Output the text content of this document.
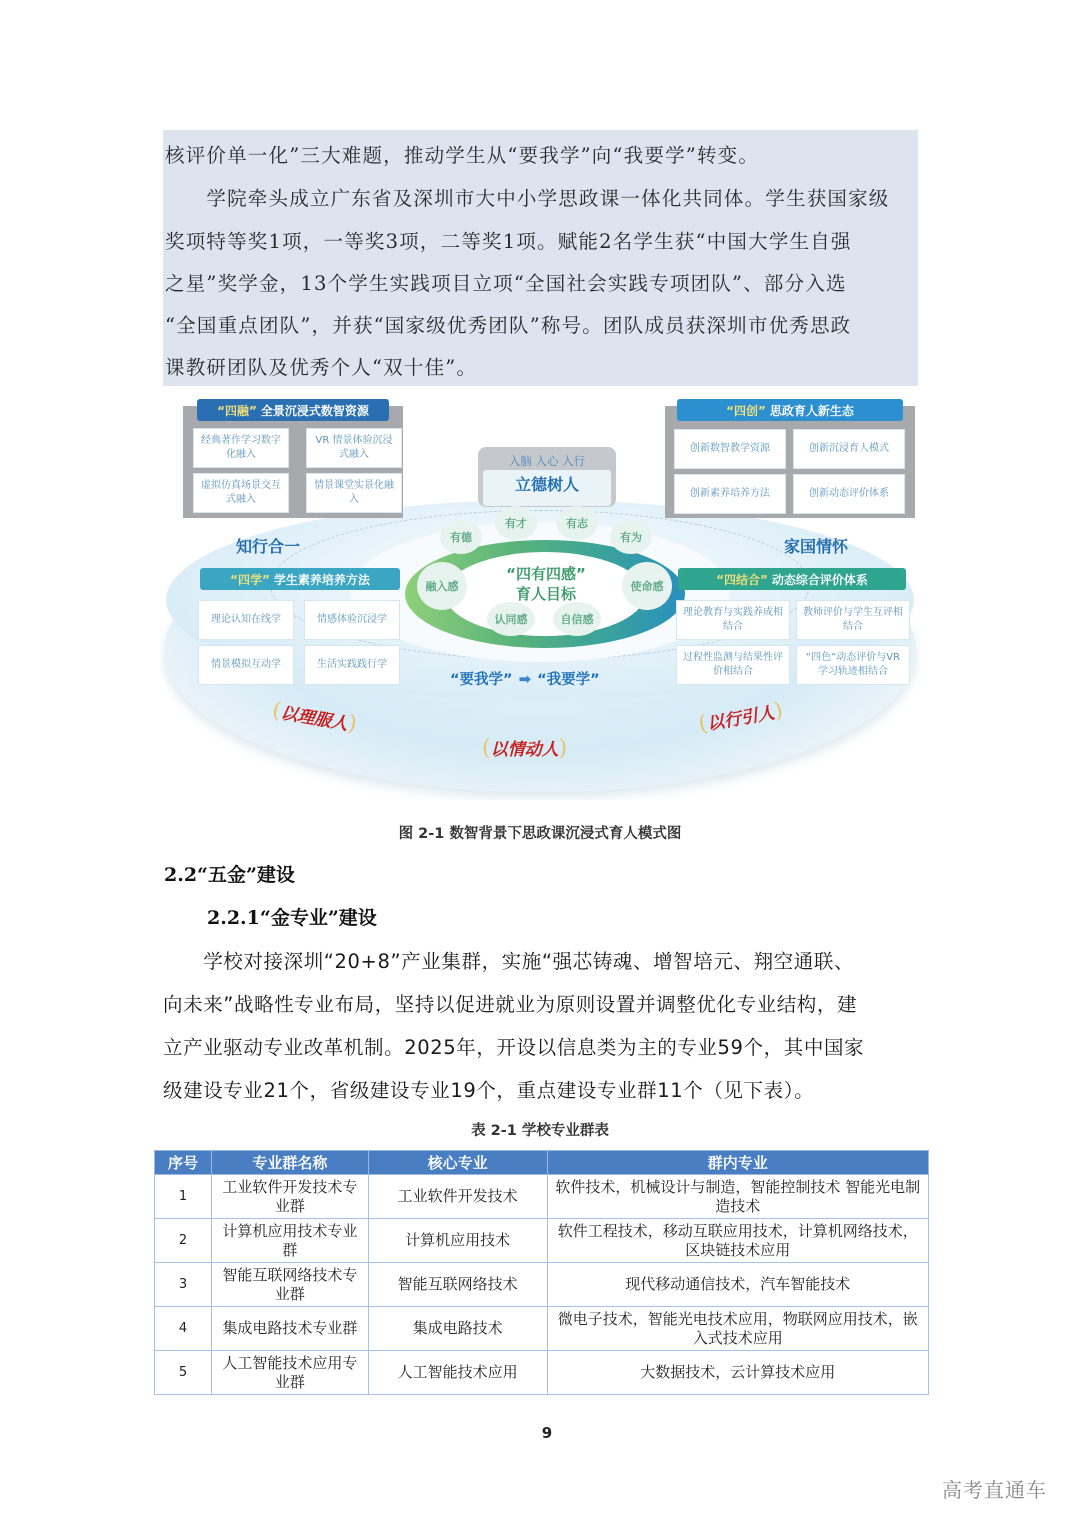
核评价单一化”三大难题，推动学生从“要我学”向“我要学”转变。
　　学院牵头成立广东省及深圳市大中小学思政课一体化共同体。学生获国家级
奖项特等奖1项，一等奖3项，二等奖1项。赋能2名学生获“中国大学生自强
之星”奖学金，13个学生实践项目立项“全国社会实践专项团队”、部分入选
“全国重点团队”，并获“国家级优秀团队”称号。团队成员获深圳市优秀思政
课教研团队及优秀个人“双十佳”。
入脑 入心 入行
立德树人
有德
有才	有志
有为
融入感
认同感	自信感
使命感
“四有四感”
育人目标
知行合一	家国情怀
“四融” 全景沉浸式数智资源
经典著作学习数字化融入
VR 情景体验沉浸式融入
虚拟仿真场景交互式融入
情景课堂实景化融入
“四创” 思政育人新生态
创新数智教学资源	创新沉浸育人模式
创新素养培养方法	创新动态评价体系
“四学” 学生素养培养方法
理论认知在线学	情感体验沉浸学
情景模拟互动学	生活实践践行学
“四结合” 动态综合评价体系
理论教育与实践养成相结合
教师评价与学生互评相结合
过程性监测与结果性评价相结合
“四色”动态评价与VR学习轨迹相结合
“要我学” ➡ “我要学”
(以理服人)
(以情动人)
(以行引人)
图 2-1 数智背景下思政课沉浸式育人模式图
2.2“五金”建设
2.2.1“金专业”建设
　　学校对接深圳“20+8”产业集群，实施“强芯铸魂、增智培元、翔空通联、
向未来”战略性专业布局，坚持以促进就业为原则设置并调整优化专业结构，建
立产业驱动专业改革机制。2025年，开设以信息类为主的专业59个，其中国家
级建设专业21个，省级建设专业19个，重点建设专业群11个（见下表）。
表 2-1 学校专业群表
序号	专业群名称	核心专业	群内专业
1	工业软件开发技术专业群	工业软件开发技术	软件技术，机械设计与制造，智能控制技术 智能光电制造技术
2	计算机应用技术专业群	计算机应用技术	软件工程技术，移动互联应用技术，计算机网络技术，区块链技术应用
3	智能互联网络技术专业群	智能互联网络技术	现代移动通信技术，汽车智能技术
4	集成电路技术专业群	集成电路技术	微电子技术，智能光电技术应用，物联网应用技术，嵌入式技术应用
5	人工智能技术应用专业群	人工智能技术应用	大数据技术，云计算技术应用
9
高考直通车
